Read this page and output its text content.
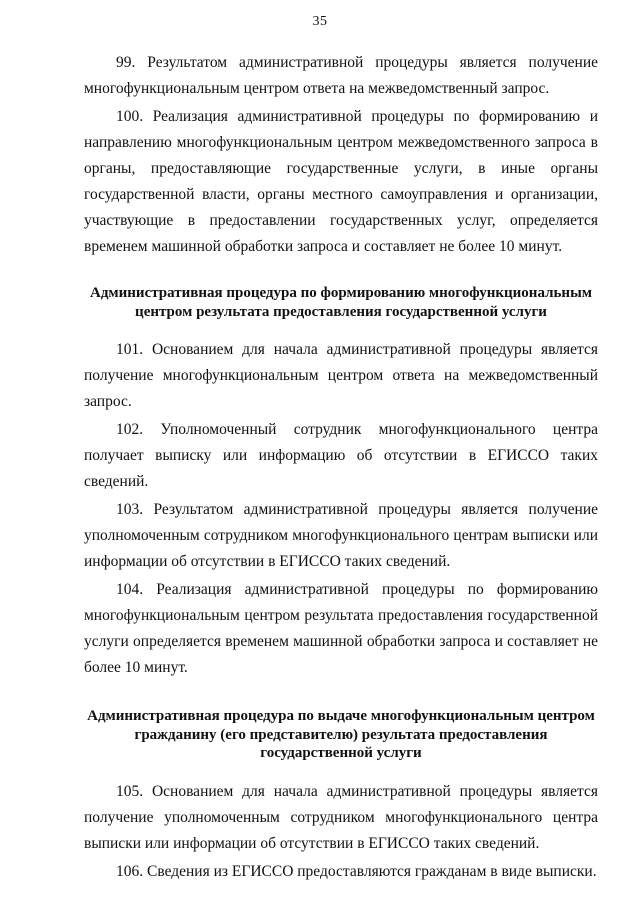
35

99. Результатом административной процедуры является получение многофункциональным центром ответа на межведомственный запрос.

100. Реализация административной процедуры по формированию и направлению многофункциональным центром межведомственного запроса в органы, предоставляющие государственные услуги, в иные органы государственной власти, органы местного самоуправления и организации, участвующие в предоставлении государственных услуг, определяется временем машинной обработки запроса и составляет не более 10 минут.

Административная процедура по формированию многофункциональным центром результата предоставления государственной услуги

101. Основанием для начала административной процедуры является получение многофункциональным центром ответа на межведомственный запрос.

102. Уполномоченный сотрудник многофункционального центра получает выписку или информацию об отсутствии в ЕГИССО таких сведений.

103. Результатом административной процедуры является получение уполномоченным сотрудником многофункционального центрам выписки или информации об отсутствии в ЕГИССО таких сведений.

104. Реализация административной процедуры по формированию многофункциональным центром результата предоставления государственной услуги определяется временем машинной обработки запроса и составляет не более 10 минут.

Административная процедура по выдаче многофункциональным центром гражданину (его представителю) результата предоставления государственной услуги

105. Основанием для начала административной процедуры является получение уполномоченным сотрудником многофункционального центра выписки или информации об отсутствии в ЕГИССО таких сведений.

106. Сведения из ЕГИССО предоставляются гражданам в виде выписки.
